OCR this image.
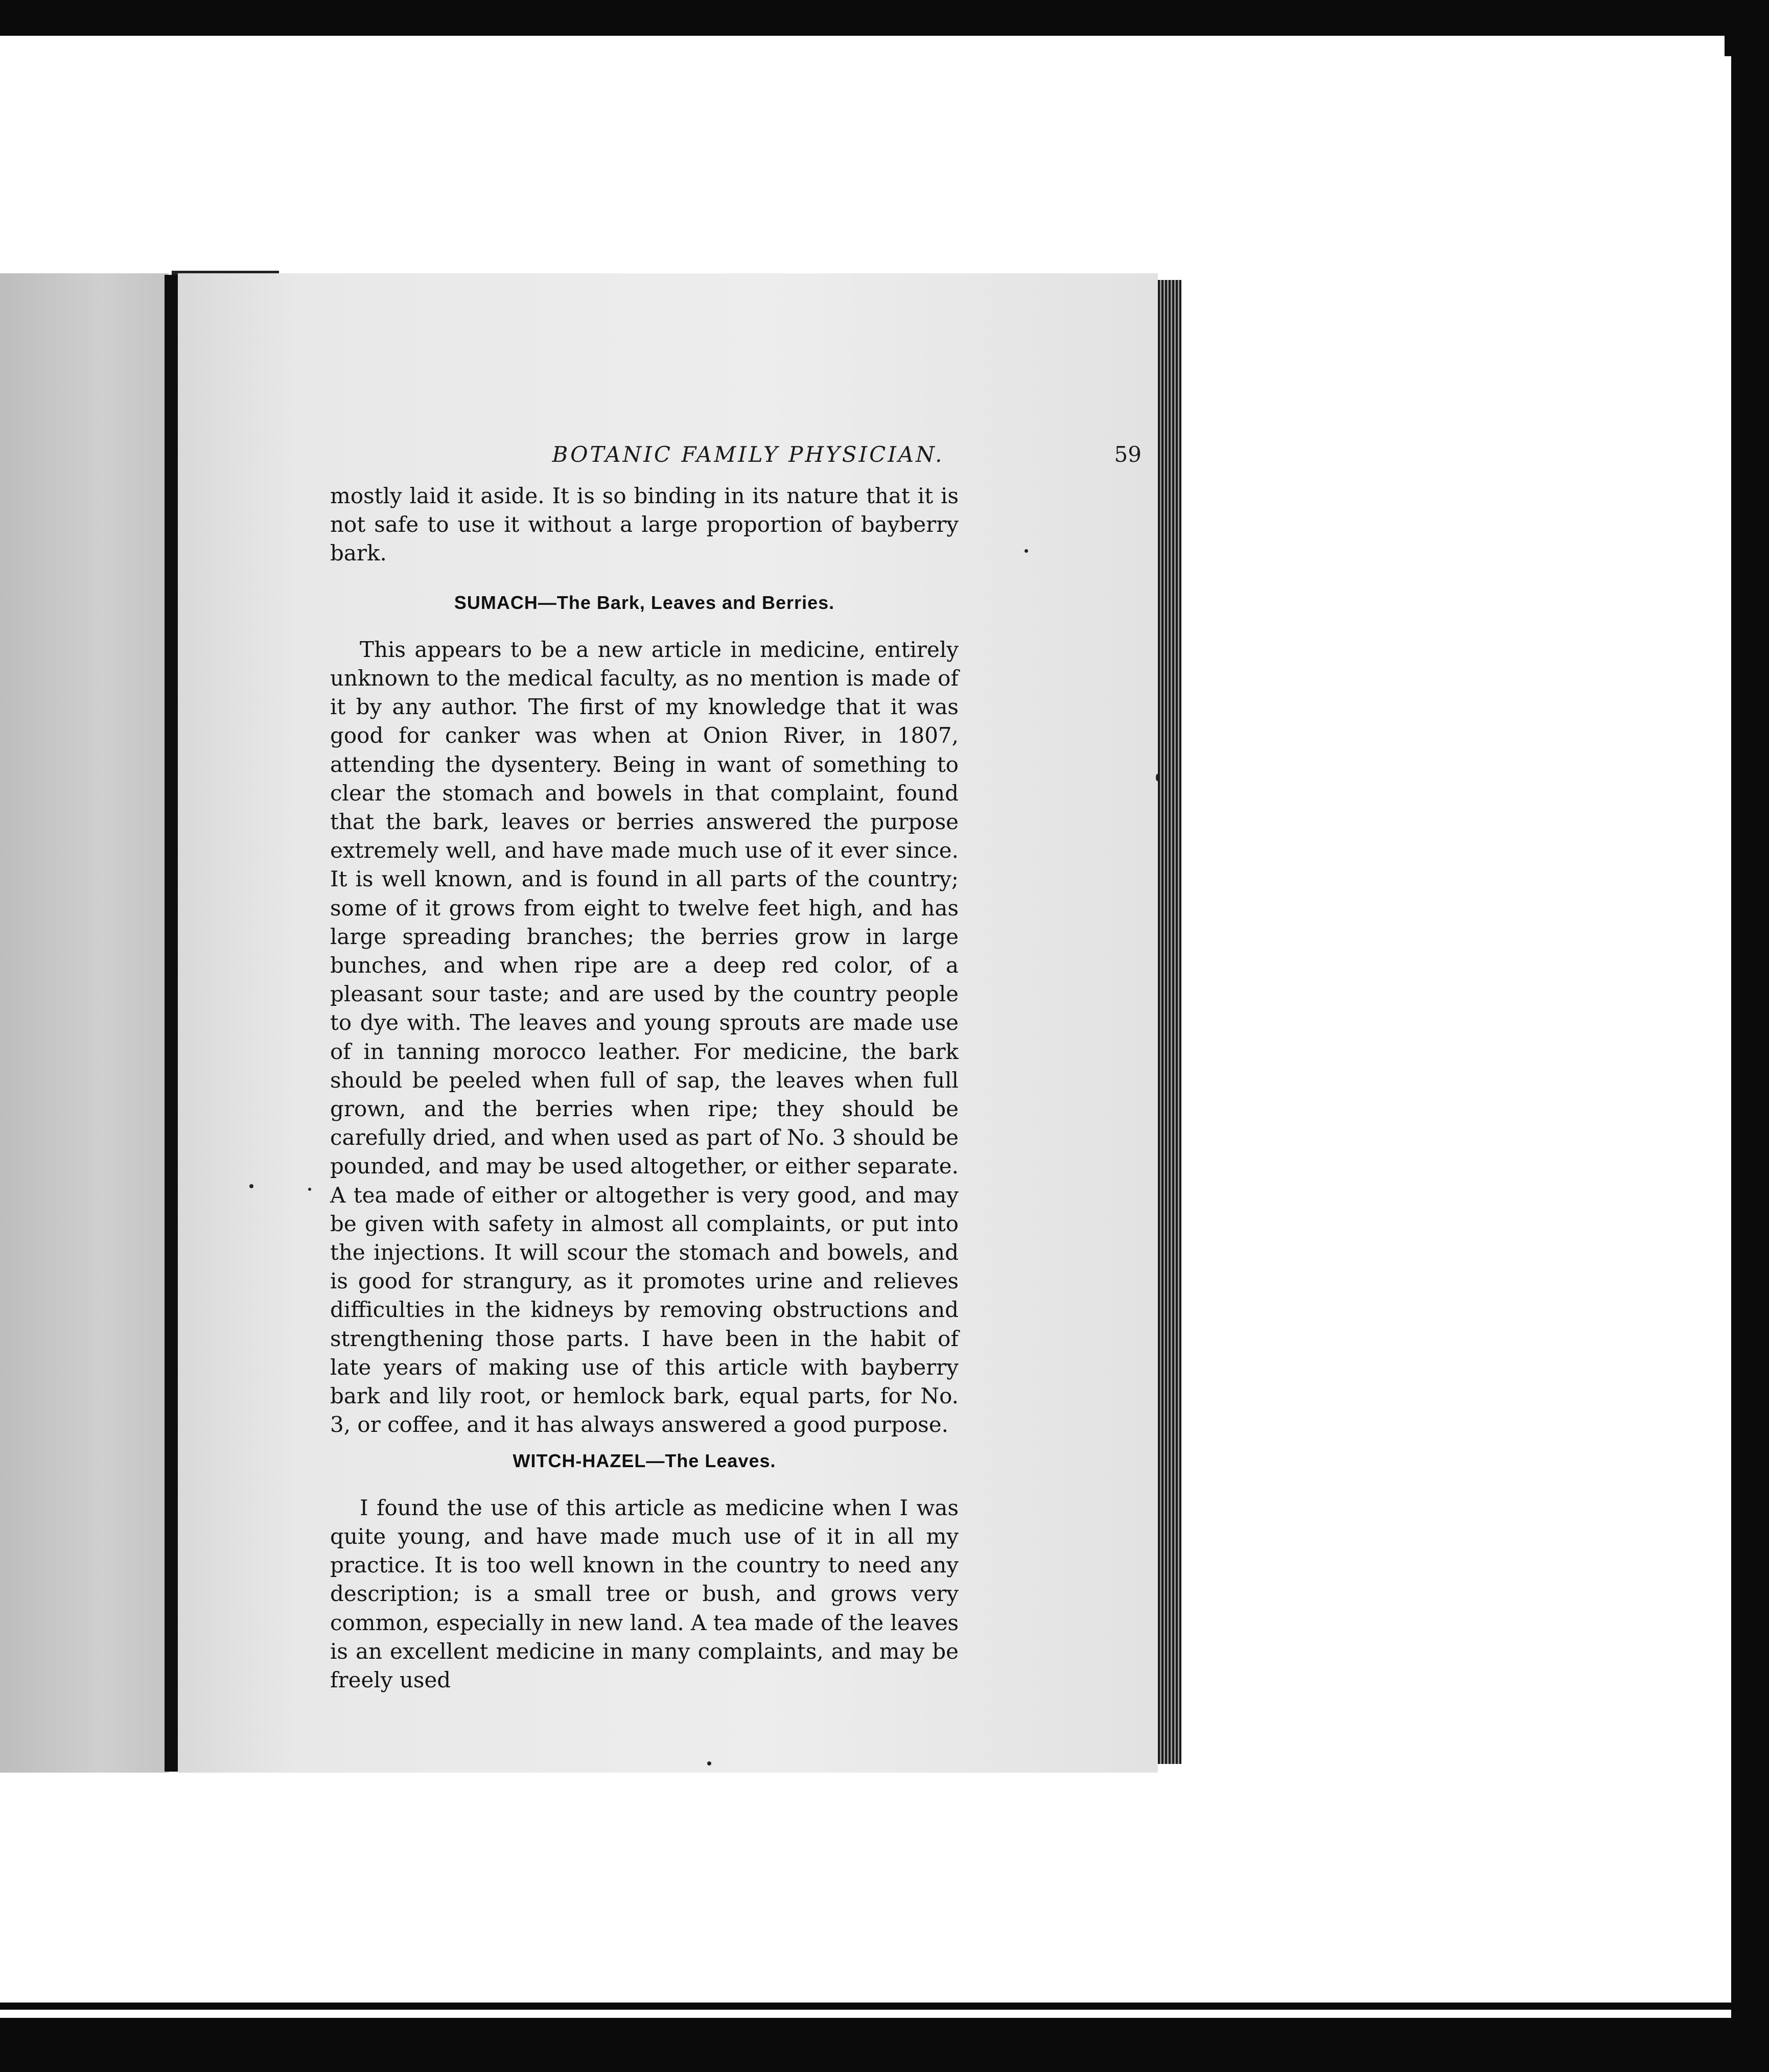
BOTANIC FAMILY PHYSICIAN.	59

mostly laid it aside. It is so binding in its nature that it is not safe to use it without a large proportion of bayberry bark.

SUMACH—The Bark, Leaves and Berries.

This appears to be a new article in medicine, entirely unknown to the medical faculty, as no mention is made of it by any author. The first of my knowledge that it was good for canker was when at Onion River, in 1807, attending the dysentery. Being in want of something to clear the stomach and bowels in that complaint, found that the bark, leaves or berries answered the purpose extremely well, and have made much use of it ever since. It is well known, and is found in all parts of the country; some of it grows from eight to twelve feet high, and has large spreading branches; the berries grow in large bunches, and when ripe are a deep red color, of a pleasant sour taste; and are used by the country people to dye with. The leaves and young sprouts are made use of in tanning morocco leather. For medicine, the bark should be peeled when full of sap, the leaves when full grown, and the berries when ripe; they should be carefully dried, and when used as part of No. 3 should be pounded, and may be used altogether, or either separate. A tea made of either or altogether is very good, and may be given with safety in almost all complaints, or put into the injections. It will scour the stomach and bowels, and is good for strangury, as it promotes urine and relieves difficulties in the kidneys by removing obstructions and strengthening those parts. I have been in the habit of late years of making use of this article with bayberry bark and lily root, or hemlock bark, equal parts, for No. 3, or coffee, and it has always answered a good purpose.

WITCH-HAZEL—The Leaves.

I found the use of this article as medicine when I was quite young, and have made much use of it in all my practice. It is too well known in the country to need any description; is a small tree or bush, and grows very common, especially in new land. A tea made of the leaves is an excellent medicine in many complaints, and may be freely used
